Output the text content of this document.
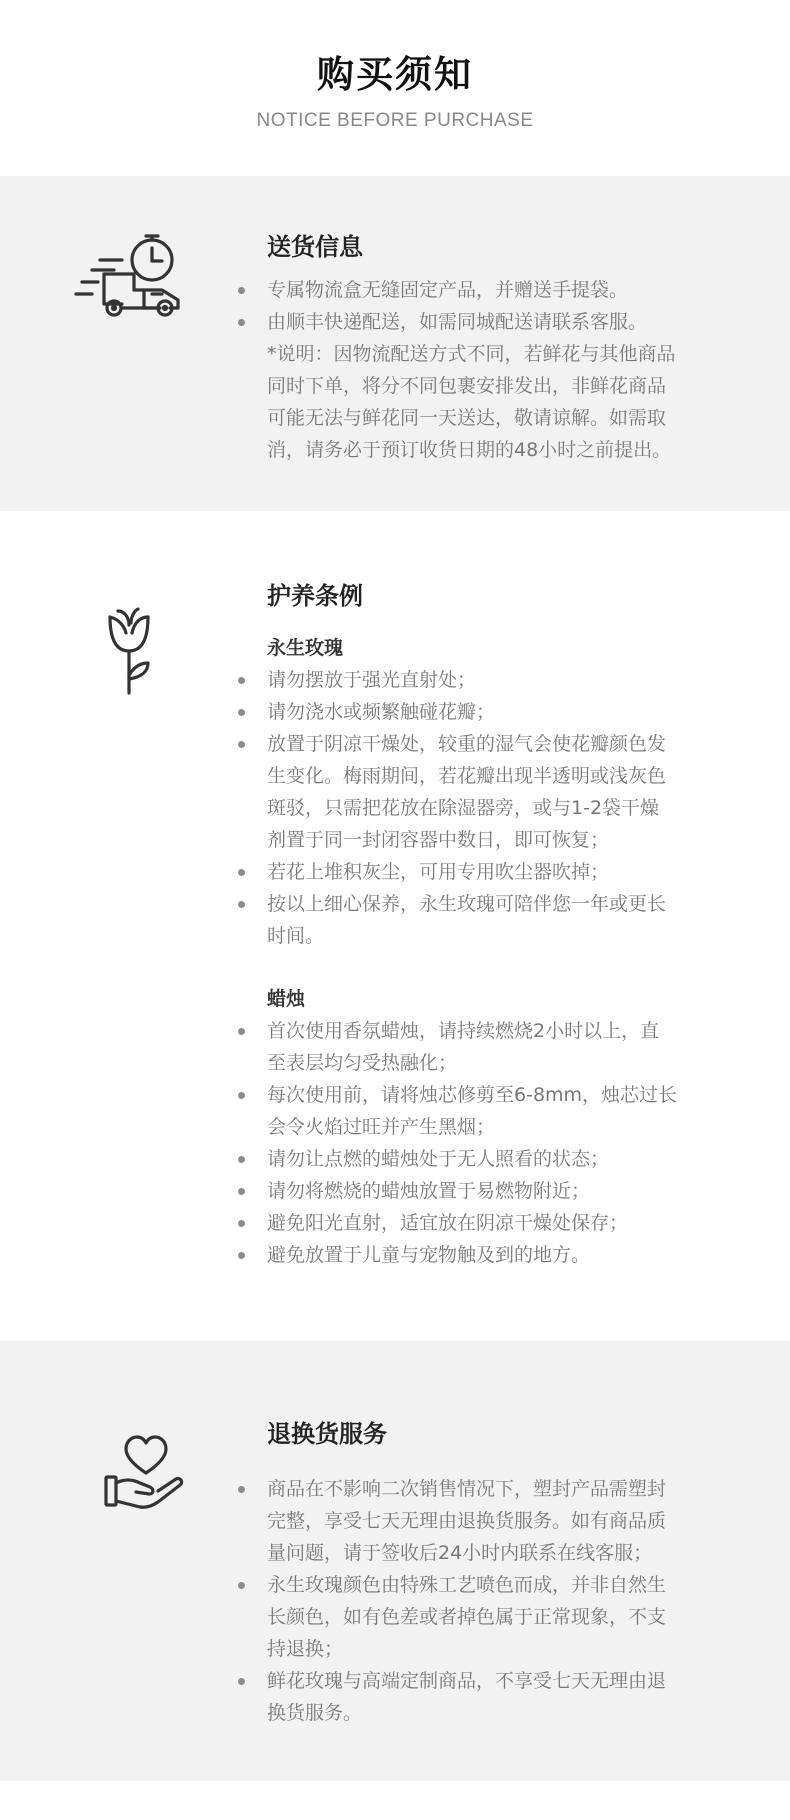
购买须知
NOTICE BEFORE PURCHASE
送货信息
专属物流盒无缝固定产品，并赠送手提袋。
由顺丰快递配送，如需同城配送请联系客服。
*说明：因物流配送方式不同，若鲜花与其他商品
同时下单，将分不同包裹安排发出，非鲜花商品
可能无法与鲜花同一天送达，敬请谅解。如需取
消，请务必于预订收货日期的48小时之前提出。
护养条例
永生玫瑰
请勿摆放于强光直射处；
请勿浇水或频繁触碰花瓣；
放置于阴凉干燥处，较重的湿气会使花瓣颜色发
生变化。梅雨期间，若花瓣出现半透明或浅灰色
斑驳，只需把花放在除湿器旁，或与1-2袋干燥
剂置于同一封闭容器中数日，即可恢复；
若花上堆积灰尘，可用专用吹尘器吹掉；
按以上细心保养，永生玫瑰可陪伴您一年或更长
时间。
蜡烛
首次使用香氛蜡烛，请持续燃烧2小时以上，直
至表层均匀受热融化；
每次使用前，请将烛芯修剪至6-8mm，烛芯过长
会令火焰过旺并产生黑烟；
请勿让点燃的蜡烛处于无人照看的状态；
请勿将燃烧的蜡烛放置于易燃物附近；
避免阳光直射，适宜放在阴凉干燥处保存；
避免放置于儿童与宠物触及到的地方。
退换货服务
商品在不影响二次销售情况下，塑封产品需塑封
完整，享受七天无理由退换货服务。如有商品质
量问题，请于签收后24小时内联系在线客服；
永生玫瑰颜色由特殊工艺喷色而成，并非自然生
长颜色，如有色差或者掉色属于正常现象，不支
持退换；
鲜花玫瑰与高端定制商品，不享受七天无理由退
换货服务。
